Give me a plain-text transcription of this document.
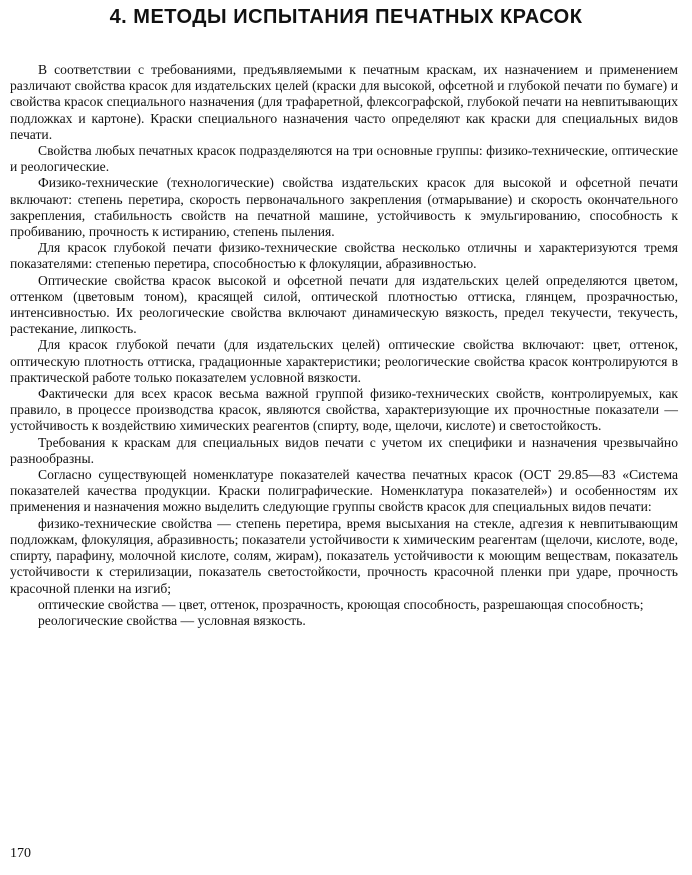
4. МЕТОДЫ ИСПЫТАНИЯ ПЕЧАТНЫХ КРАСОК

В соответствии с требованиями, предъявляемыми к печатным краскам, их назначением и применением различают свойства красок для издательских целей (краски для высокой, офсетной и глубокой печати по бумаге) и свойства красок специального назначения (для трафаретной, флексографской, глубокой печати на невпитывающих подложках и картоне). Краски специального назначения часто определяют как краски для специальных видов печати.

Свойства любых печатных красок подразделяются на три основные группы: физико-технические, оптические и реологические.

Физико-технические (технологические) свойства издательских красок для высокой и офсетной печати включают: степень перетира, скорость первоначального закрепления (отмарывание) и скорость окончательного закрепления, стабильность свойств на печатной машине, устойчивость к эмульгированию, способность к пробиванию, прочность к истиранию, степень пыления.

Для красок глубокой печати физико-технические свойства несколько отличны и характеризуются тремя показателями: степенью перетира, способностью к флокуляции, абразивностью.

Оптические свойства красок высокой и офсетной печати для издательских целей определяются цветом, оттенком (цветовым тоном), красящей силой, оптической плотностью оттиска, глянцем, прозрачностью, интенсивностью. Их реологические свойства включают динамическую вязкость, предел текучести, текучесть, растекание, липкость.

Для красок глубокой печати (для издательских целей) оптические свойства включают: цвет, оттенок, оптическую плотность оттиска, градационные характеристики; реологические свойства красок контролируются в практической работе только показателем условной вязкости.

Фактически для всех красок весьма важной группой физико-технических свойств, контролируемых, как правило, в процессе производства красок, являются свойства, характеризующие их прочностные показатели — устойчивость к воздействию химических реагентов (спирту, воде, щелочи, кислоте) и светостойкость.

Требования к краскам для специальных видов печати с учетом их специфики и назначения чрезвычайно разнообразны.

Согласно существующей номенклатуре показателей качества печатных красок (ОСТ 29.85—83 «Система показателей качества продукции. Краски полиграфические. Номенклатура показателей») и особенностям их применения и назначения можно выделить следующие группы свойств красок для специальных видов печати:

физико-технические свойства — степень перетира, время высыхания на стекле, адгезия к невпитывающим подложкам, флокуляция, абразивность; показатели устойчивости к химическим реагентам (щелочи, кислоте, воде, спирту, парафину, молочной кислоте, солям, жирам), показатель устойчивости к моющим веществам, показатель устойчивости к стерилизации, показатель светостойкости, прочность красочной пленки при ударе, прочность красочной пленки на изгиб;

оптические свойства — цвет, оттенок, прозрачность, кроющая способность, разрешающая способность;

реологические свойства — условная вязкость.

170
